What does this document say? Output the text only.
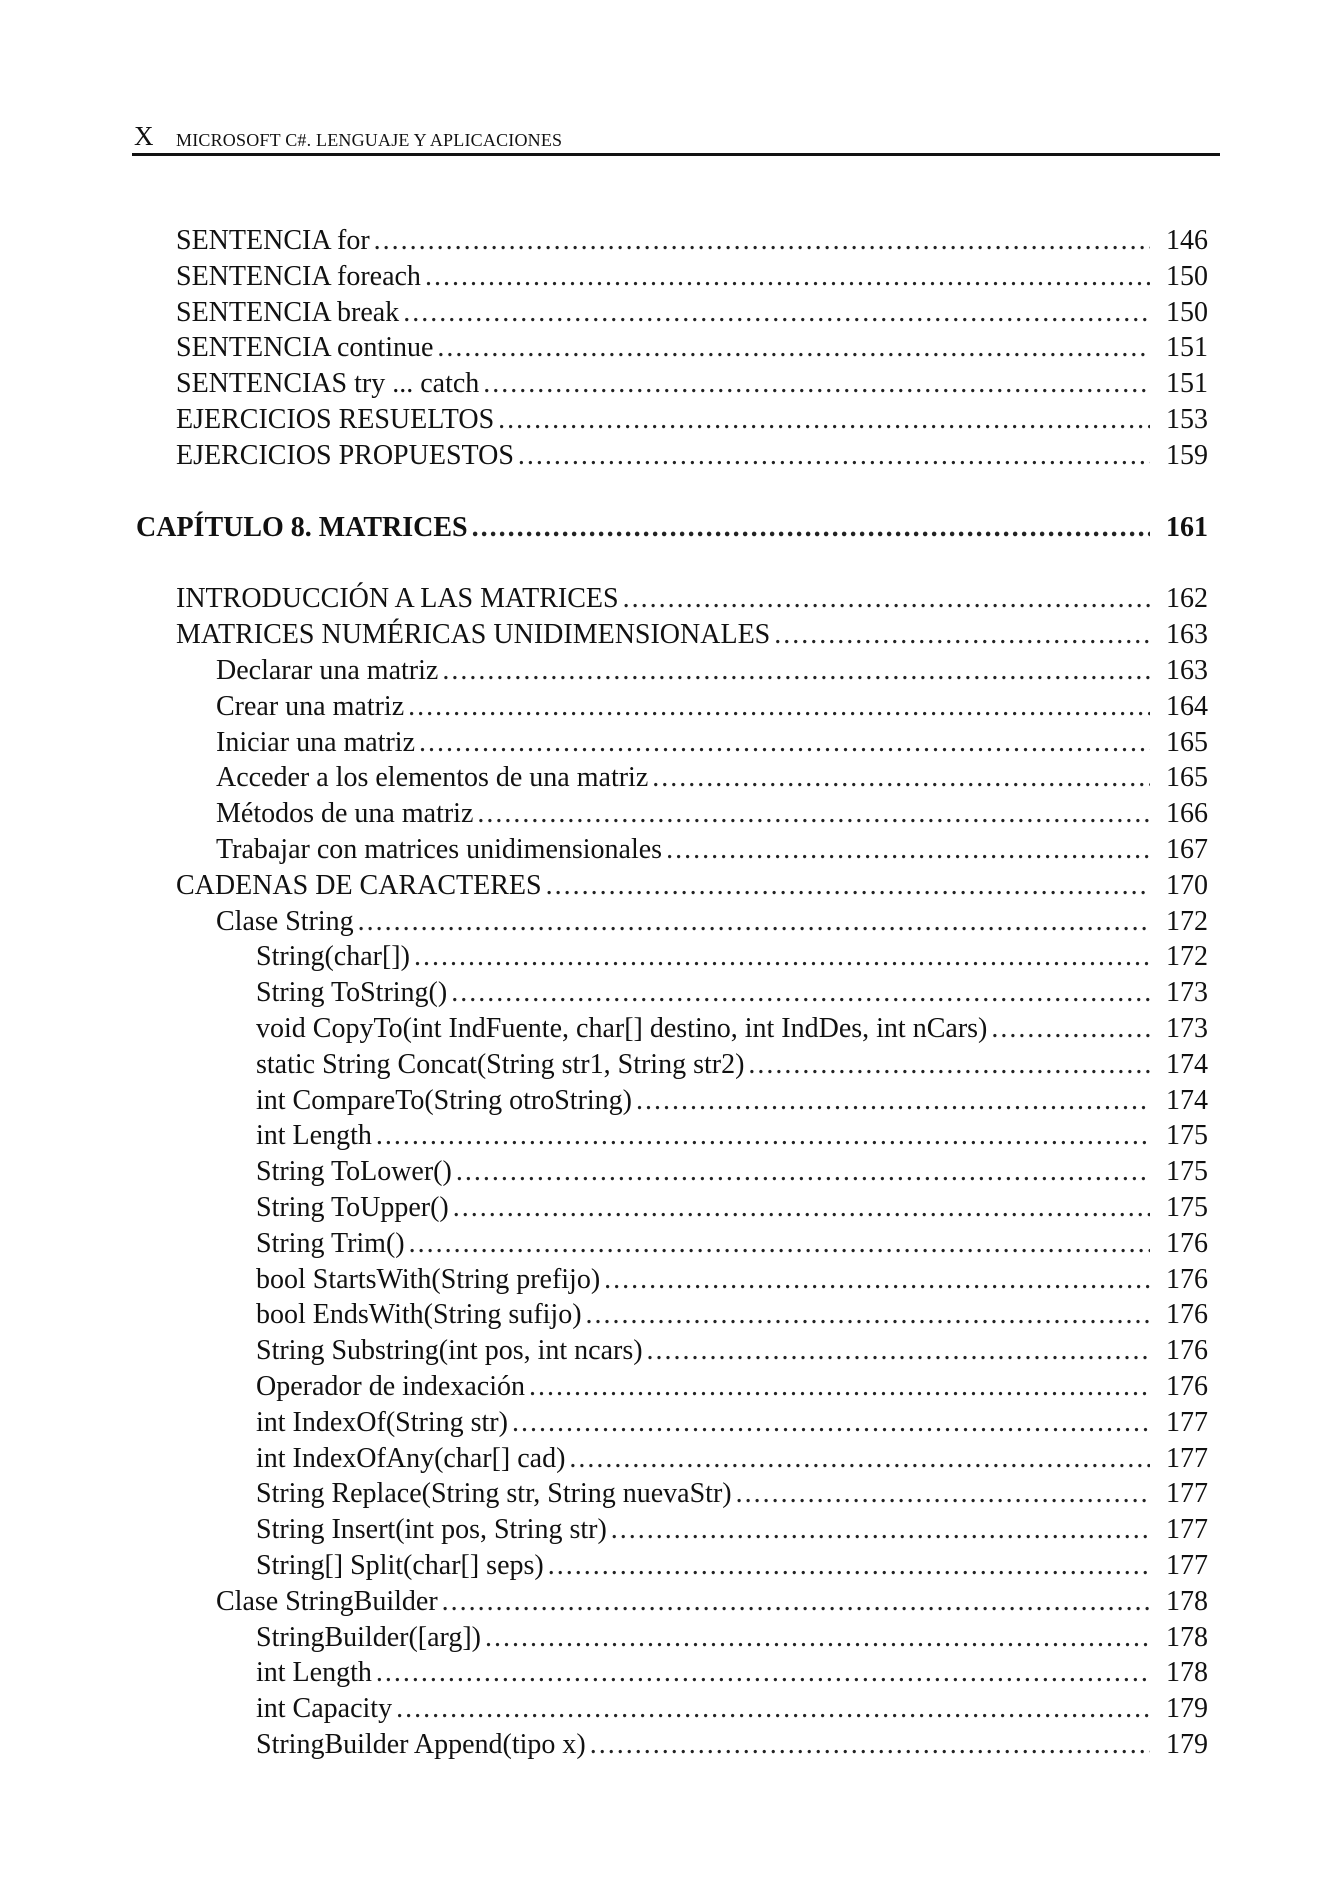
X MICROSOFT C#. LENGUAJE Y APLICACIONES
SENTENCIA for .....	146
SENTENCIA foreach .....	150
SENTENCIA break .....	150
SENTENCIA continue .....	151
SENTENCIAS try ... catch .....	151
EJERCICIOS RESUELTOS .....	153
EJERCICIOS PROPUESTOS .....	159
CAPÍTULO 8. MATRICES .....	161
INTRODUCCIÓN A LAS MATRICES .....	162
MATRICES NUMÉRICAS UNIDIMENSIONALES .....	163
Declarar una matriz .....	163
Crear una matriz .....	164
Iniciar una matriz .....	165
Acceder a los elementos de una matriz .....	165
Métodos de una matriz .....	166
Trabajar con matrices unidimensionales .....	167
CADENAS DE CARACTERES .....	170
Clase String .....	172
String(char[]) .....	172
String ToString() .....	173
void CopyTo(int IndFuente, char[] destino, int IndDes, int nCars) .....	173
static String Concat(String str1, String str2) .....	174
int CompareTo(String otroString) .....	174
int Length .....	175
String ToLower() .....	175
String ToUpper() .....	175
String Trim() .....	176
bool StartsWith(String prefijo) .....	176
bool EndsWith(String sufijo) .....	176
String Substring(int pos, int ncars) .....	176
Operador de indexación .....	176
int IndexOf(String str) .....	177
int IndexOfAny(char[] cad) .....	177
String Replace(String str, String nuevaStr) .....	177
String Insert(int pos, String str) .....	177
String[] Split(char[] seps) .....	177
Clase StringBuilder .....	178
StringBuilder([arg]) .....	178
int Length .....	178
int Capacity .....	179
StringBuilder Append(tipo x) .....	179
